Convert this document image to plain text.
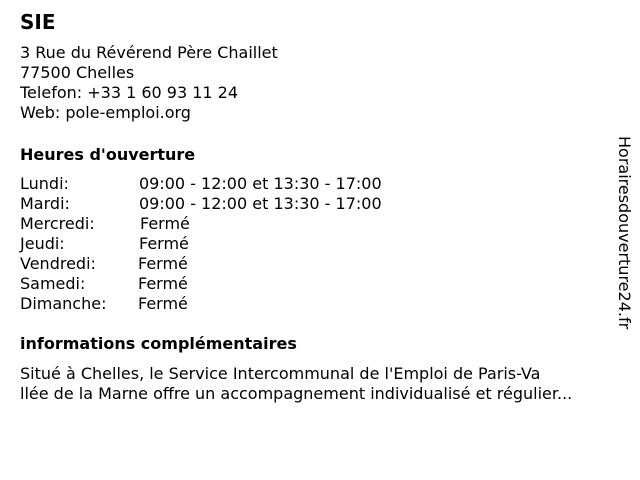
SIE
3 Rue du Révérend Père Chaillet
77500 Chelles
Telefon: +33 1 60 93 11 24
Web: pole-emploi.org
Heures d'ouverture
Lundi:	09:00 - 12:00 et 13:30 - 17:00
Mardi:	09:00 - 12:00 et 13:30 - 17:00
Mercredi:	Fermé
Jeudi:	Fermé
Vendredi:	Fermé
Samedi:	Fermé
Dimanche: Fermé
informations complémentaires
Situé à Chelles, le Service Intercommunal de l'Emploi de Paris-Va
llée de la Marne offre un accompagnement individualisé et régulier...
Horairesdouverture24.fr
